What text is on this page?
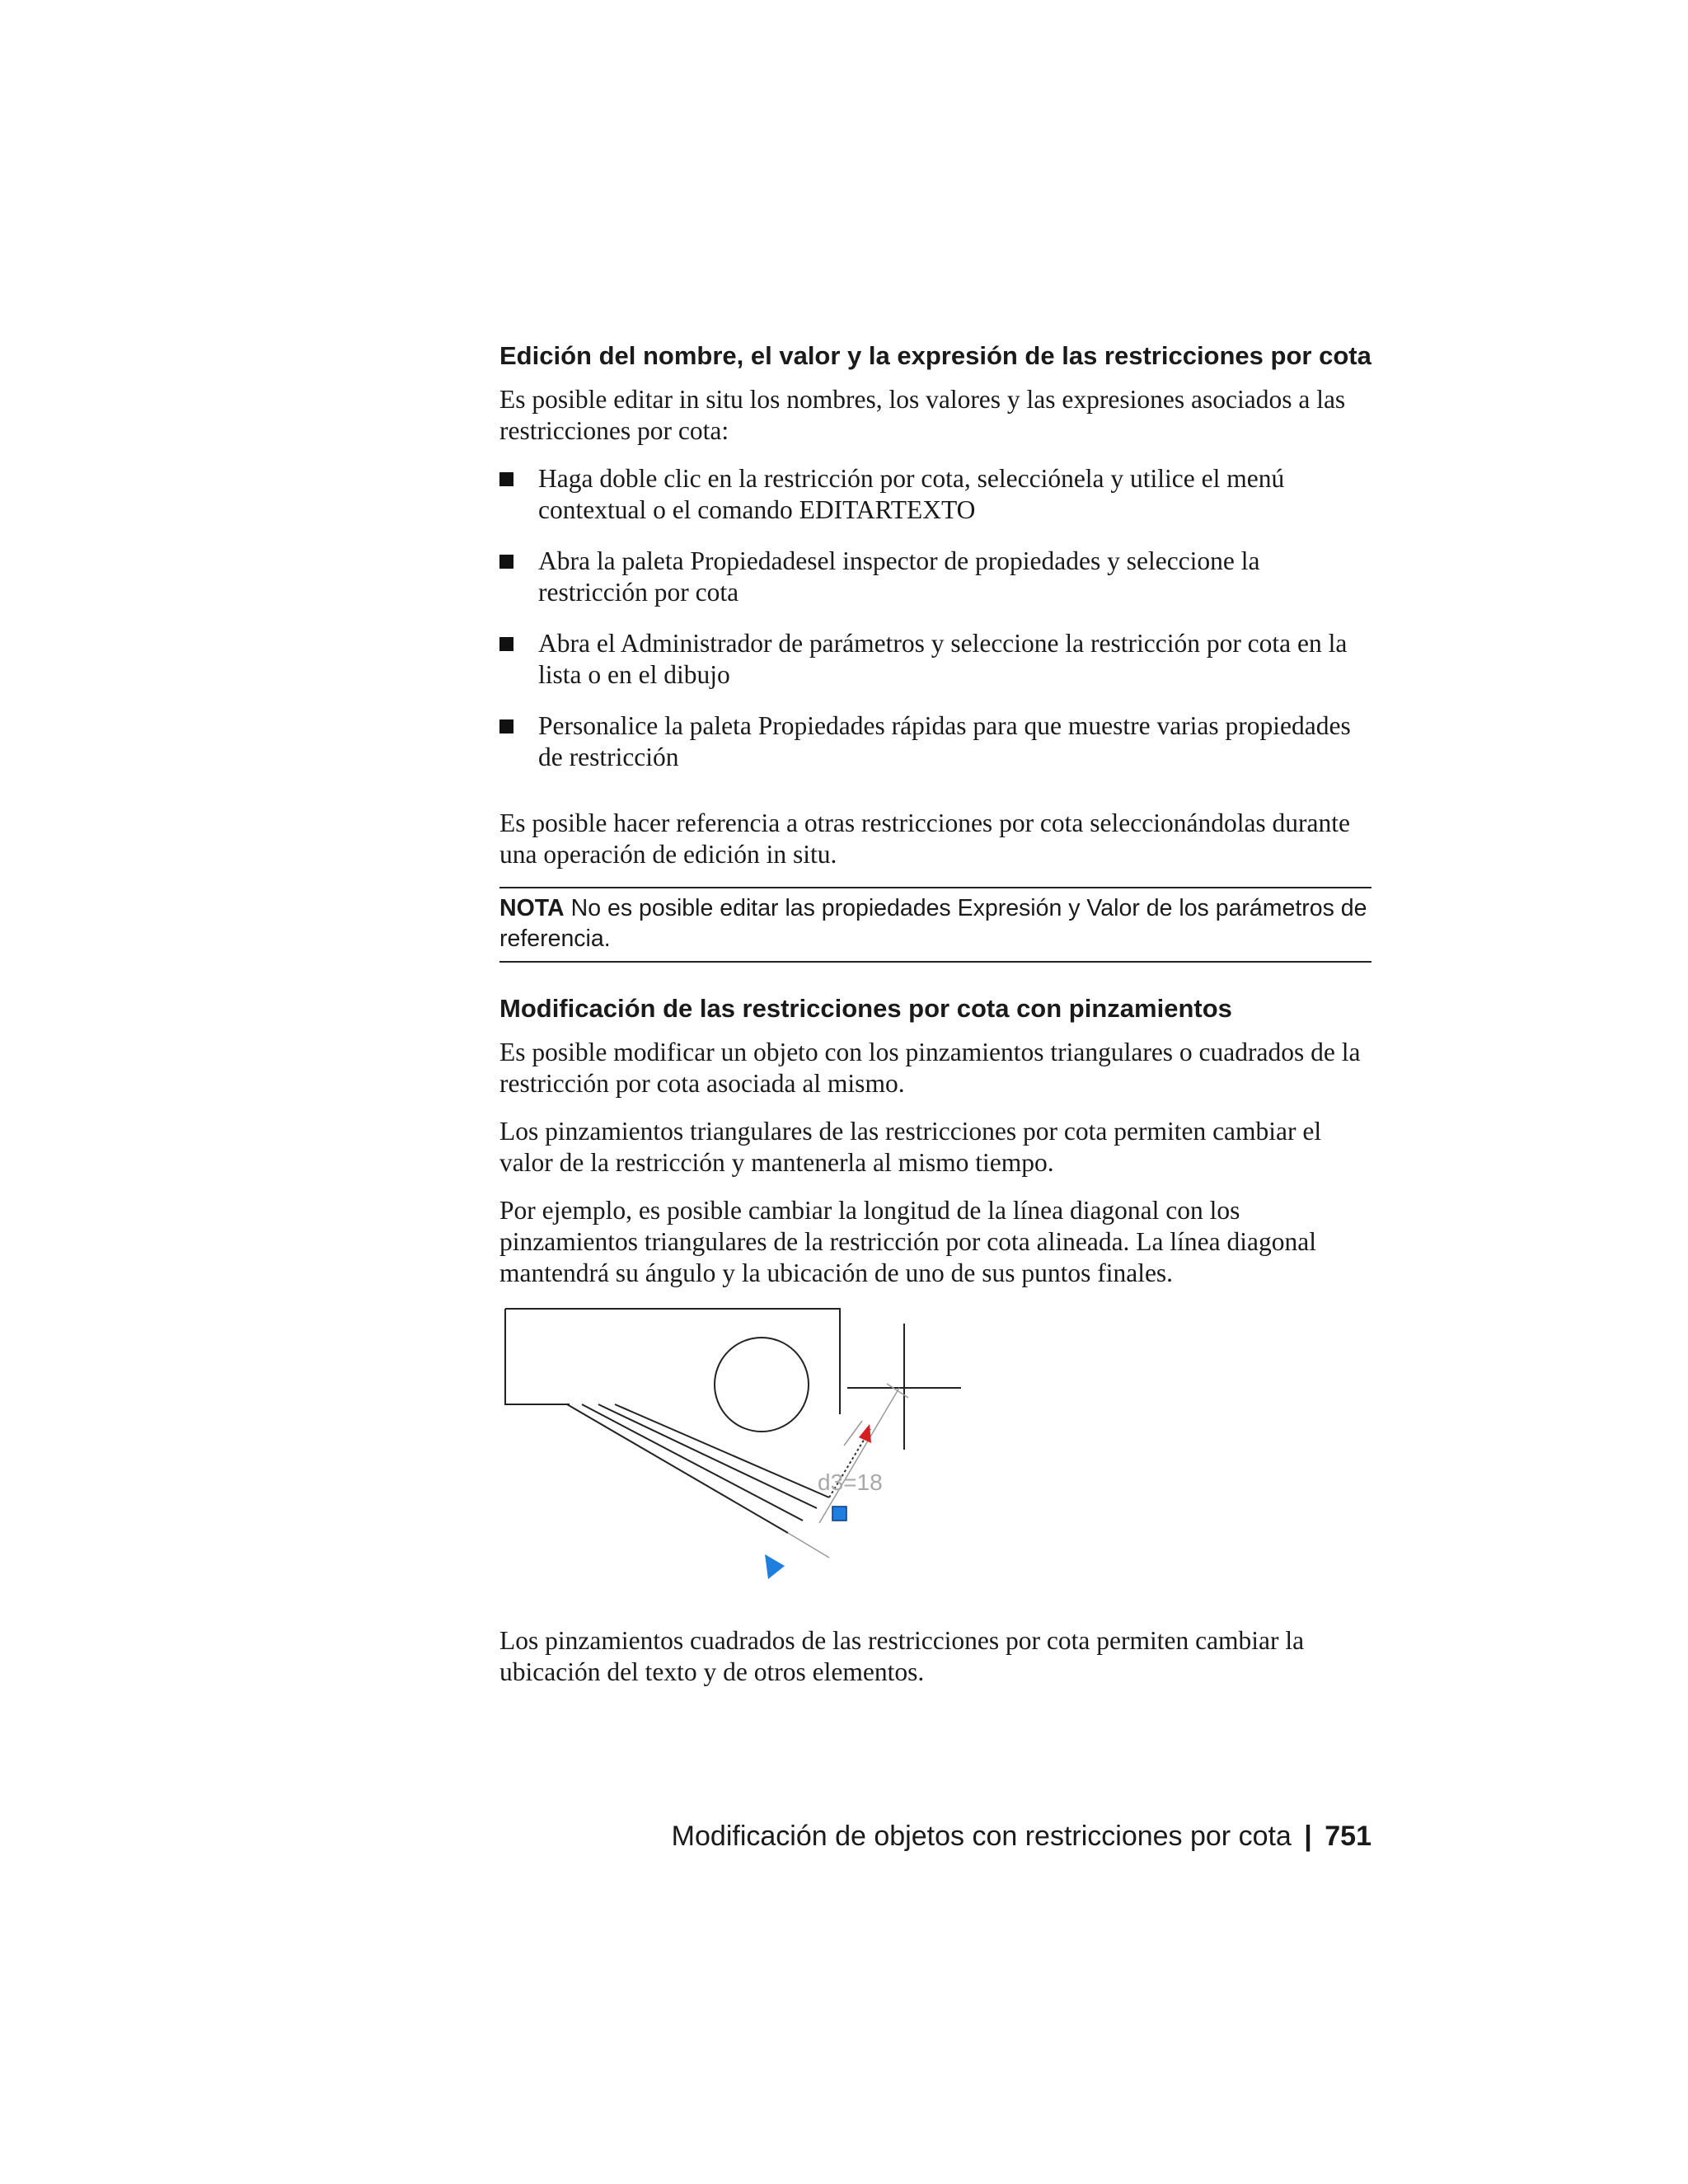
Edición del nombre, el valor y la expresión de las restricciones por cota

Es posible editar in situ los nombres, los valores y las expresiones asociados a las restricciones por cota:

Haga doble clic en la restricción por cota, selecciónela y utilice el menú contextual o el comando EDITARTEXTO
Abra la paleta Propiedadesel inspector de propiedades y seleccione la restricción por cota
Abra el Administrador de parámetros y seleccione la restricción por cota en la lista o en el dibujo
Personalice la paleta Propiedades rápidas para que muestre varias propiedades de restricción

Es posible hacer referencia a otras restricciones por cota seleccionándolas durante una operación de edición in situ.

NOTA No es posible editar las propiedades Expresión y Valor de los parámetros de referencia.
Modificación de las restricciones por cota con pinzamientos

Es posible modificar un objeto con los pinzamientos triangulares o cuadrados de la restricción por cota asociada al mismo.

Los pinzamientos triangulares de las restricciones por cota permiten cambiar el valor de la restricción y mantenerla al mismo tiempo.

Por ejemplo, es posible cambiar la longitud de la línea diagonal con los pinzamientos triangulares de la restricción por cota alineada. La línea diagonal mantendrá su ángulo y la ubicación de uno de sus puntos finales.

d3=18

Los pinzamientos cuadrados de las restricciones por cota permiten cambiar la ubicación del texto y de otros elementos.

Modificación de objetos con restricciones por cota | 751
